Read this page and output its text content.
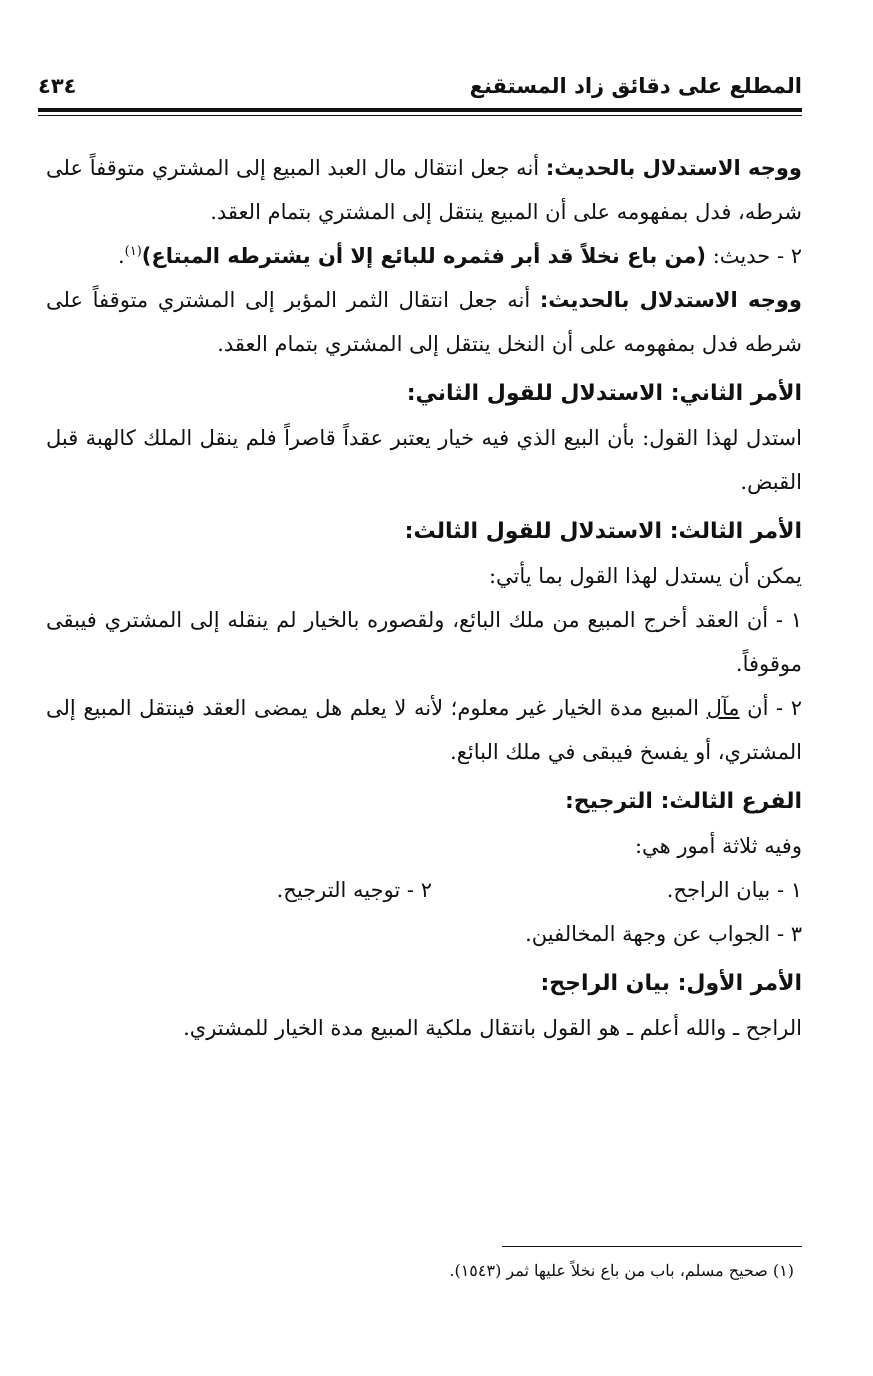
المطلع على دقائق زاد المستقنع
٤٣٤

ووجه الاستدلال بالحديث: أنه جعل انتقال مال العبد المبيع إلى المشتري متوقفاً على شرطه، فدل بمفهومه على أن المبيع ينتقل إلى المشتري بتمام العقد.

٢ - حديث: (من باع نخلاً قد أبر فثمره للبائع إلا أن يشترطه المبتاع)$^{(١)}$.

ووجه الاستدلال بالحديث: أنه جعل انتقال الثمر المؤبر إلى المشتري متوقفاً على شرطه فدل بمفهومه على أن النخل ينتقل إلى المشتري بتمام العقد.

الأمر الثاني: الاستدلال للقول الثاني:

استدل لهذا القول: بأن البيع الذي فيه خيار يعتبر عقداً قاصراً فلم ينقل الملك كالهبة قبل القبض.

الأمر الثالث: الاستدلال للقول الثالث:

يمكن أن يستدل لهذا القول بما يأتي:

١ - أن العقد أخرج المبيع من ملك البائع، ولقصوره بالخيار لم ينقله إلى المشتري فيبقى موقوفاً.

٢ - أن مآل المبيع مدة الخيار غير معلوم؛ لأنه لا يعلم هل يمضى العقد فينتقل المبيع إلى المشتري، أو يفسخ فيبقى في ملك البائع.

الفرع الثالث: الترجيح:

وفيه ثلاثة أمور هي:

١ - بيان الراجح.
٢ - توجيه الترجيح.

٣ - الجواب عن وجهة المخالفين.

الأمر الأول: بيان الراجح:

الراجح ـ والله أعلم ـ هو القول بانتقال ملكية المبيع مدة الخيار للمشتري.

(١) صحيح مسلم، باب من باع نخلاً عليها ثمر (١٥٤٣).
